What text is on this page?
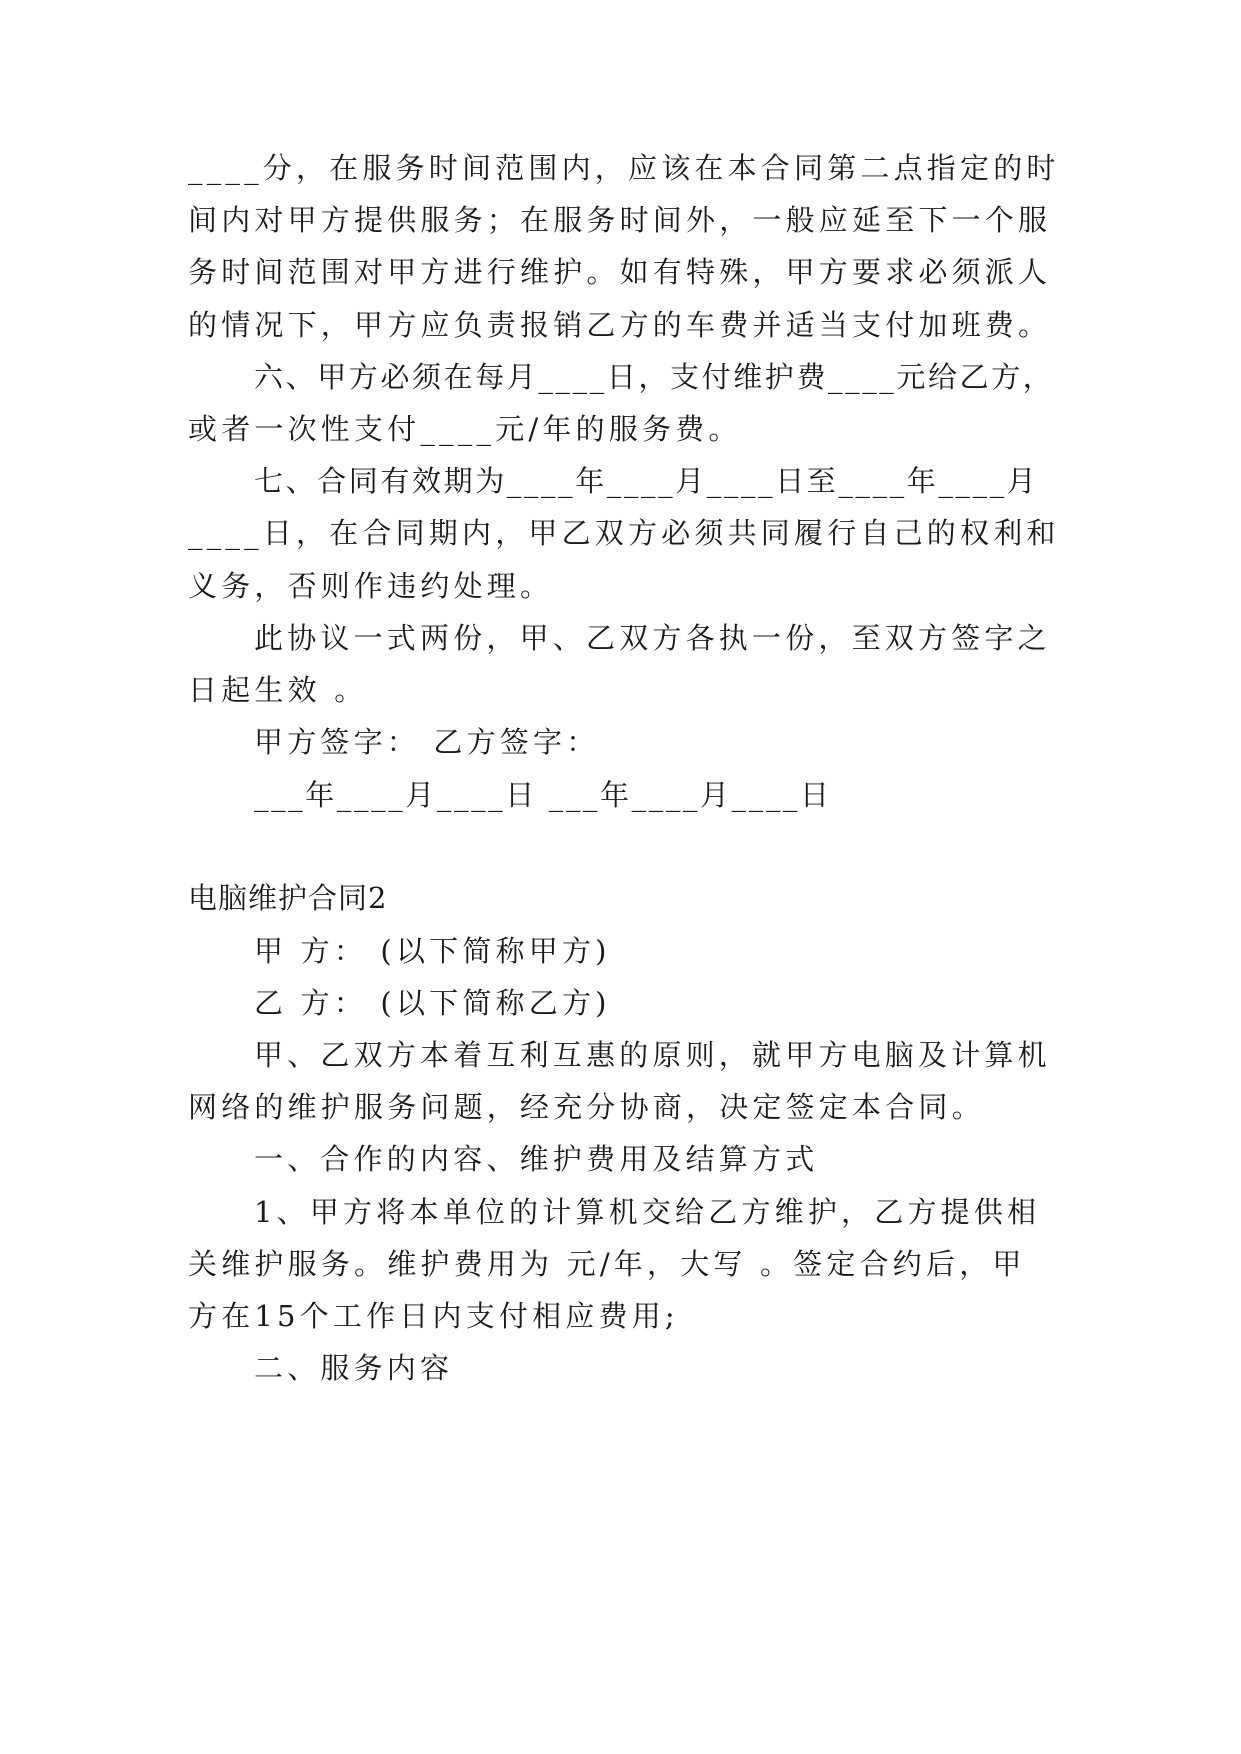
____分，在服务时间范围内，应该在本合同第二点指定的时
间内对甲方提供服务；在服务时间外，一般应延至下一个服
务时间范围对甲方进行维护。如有特殊，甲方要求必须派人
的情况下，甲方应负责报销乙方的车费并适当支付加班费。
六、甲方必须在每月____日，支付维护费____元给乙方，
或者一次性支付____元/年的服务费。
七、合同有效期为____年____月____日至____年____月
____日，在合同期内，甲乙双方必须共同履行自己的权利和
义务，否则作违约处理。
此协议一式两份，甲、乙双方各执一份，至双方签字之
日起生效 。
甲方签字： 乙方签字：
___年____月____日 ___年____月____日
电脑维护合同2
甲 方： (以下简称甲方)
乙 方： (以下简称乙方)
甲、乙双方本着互利互惠的原则，就甲方电脑及计算机
网络的维护服务问题，经充分协商，决定签定本合同。
一、合作的内容、维护费用及结算方式
1、甲方将本单位的计算机交给乙方维护，乙方提供相
关维护服务。维护费用为 元/年，大写 。签定合约后，甲
方在15个工作日内支付相应费用;
二、服务内容
